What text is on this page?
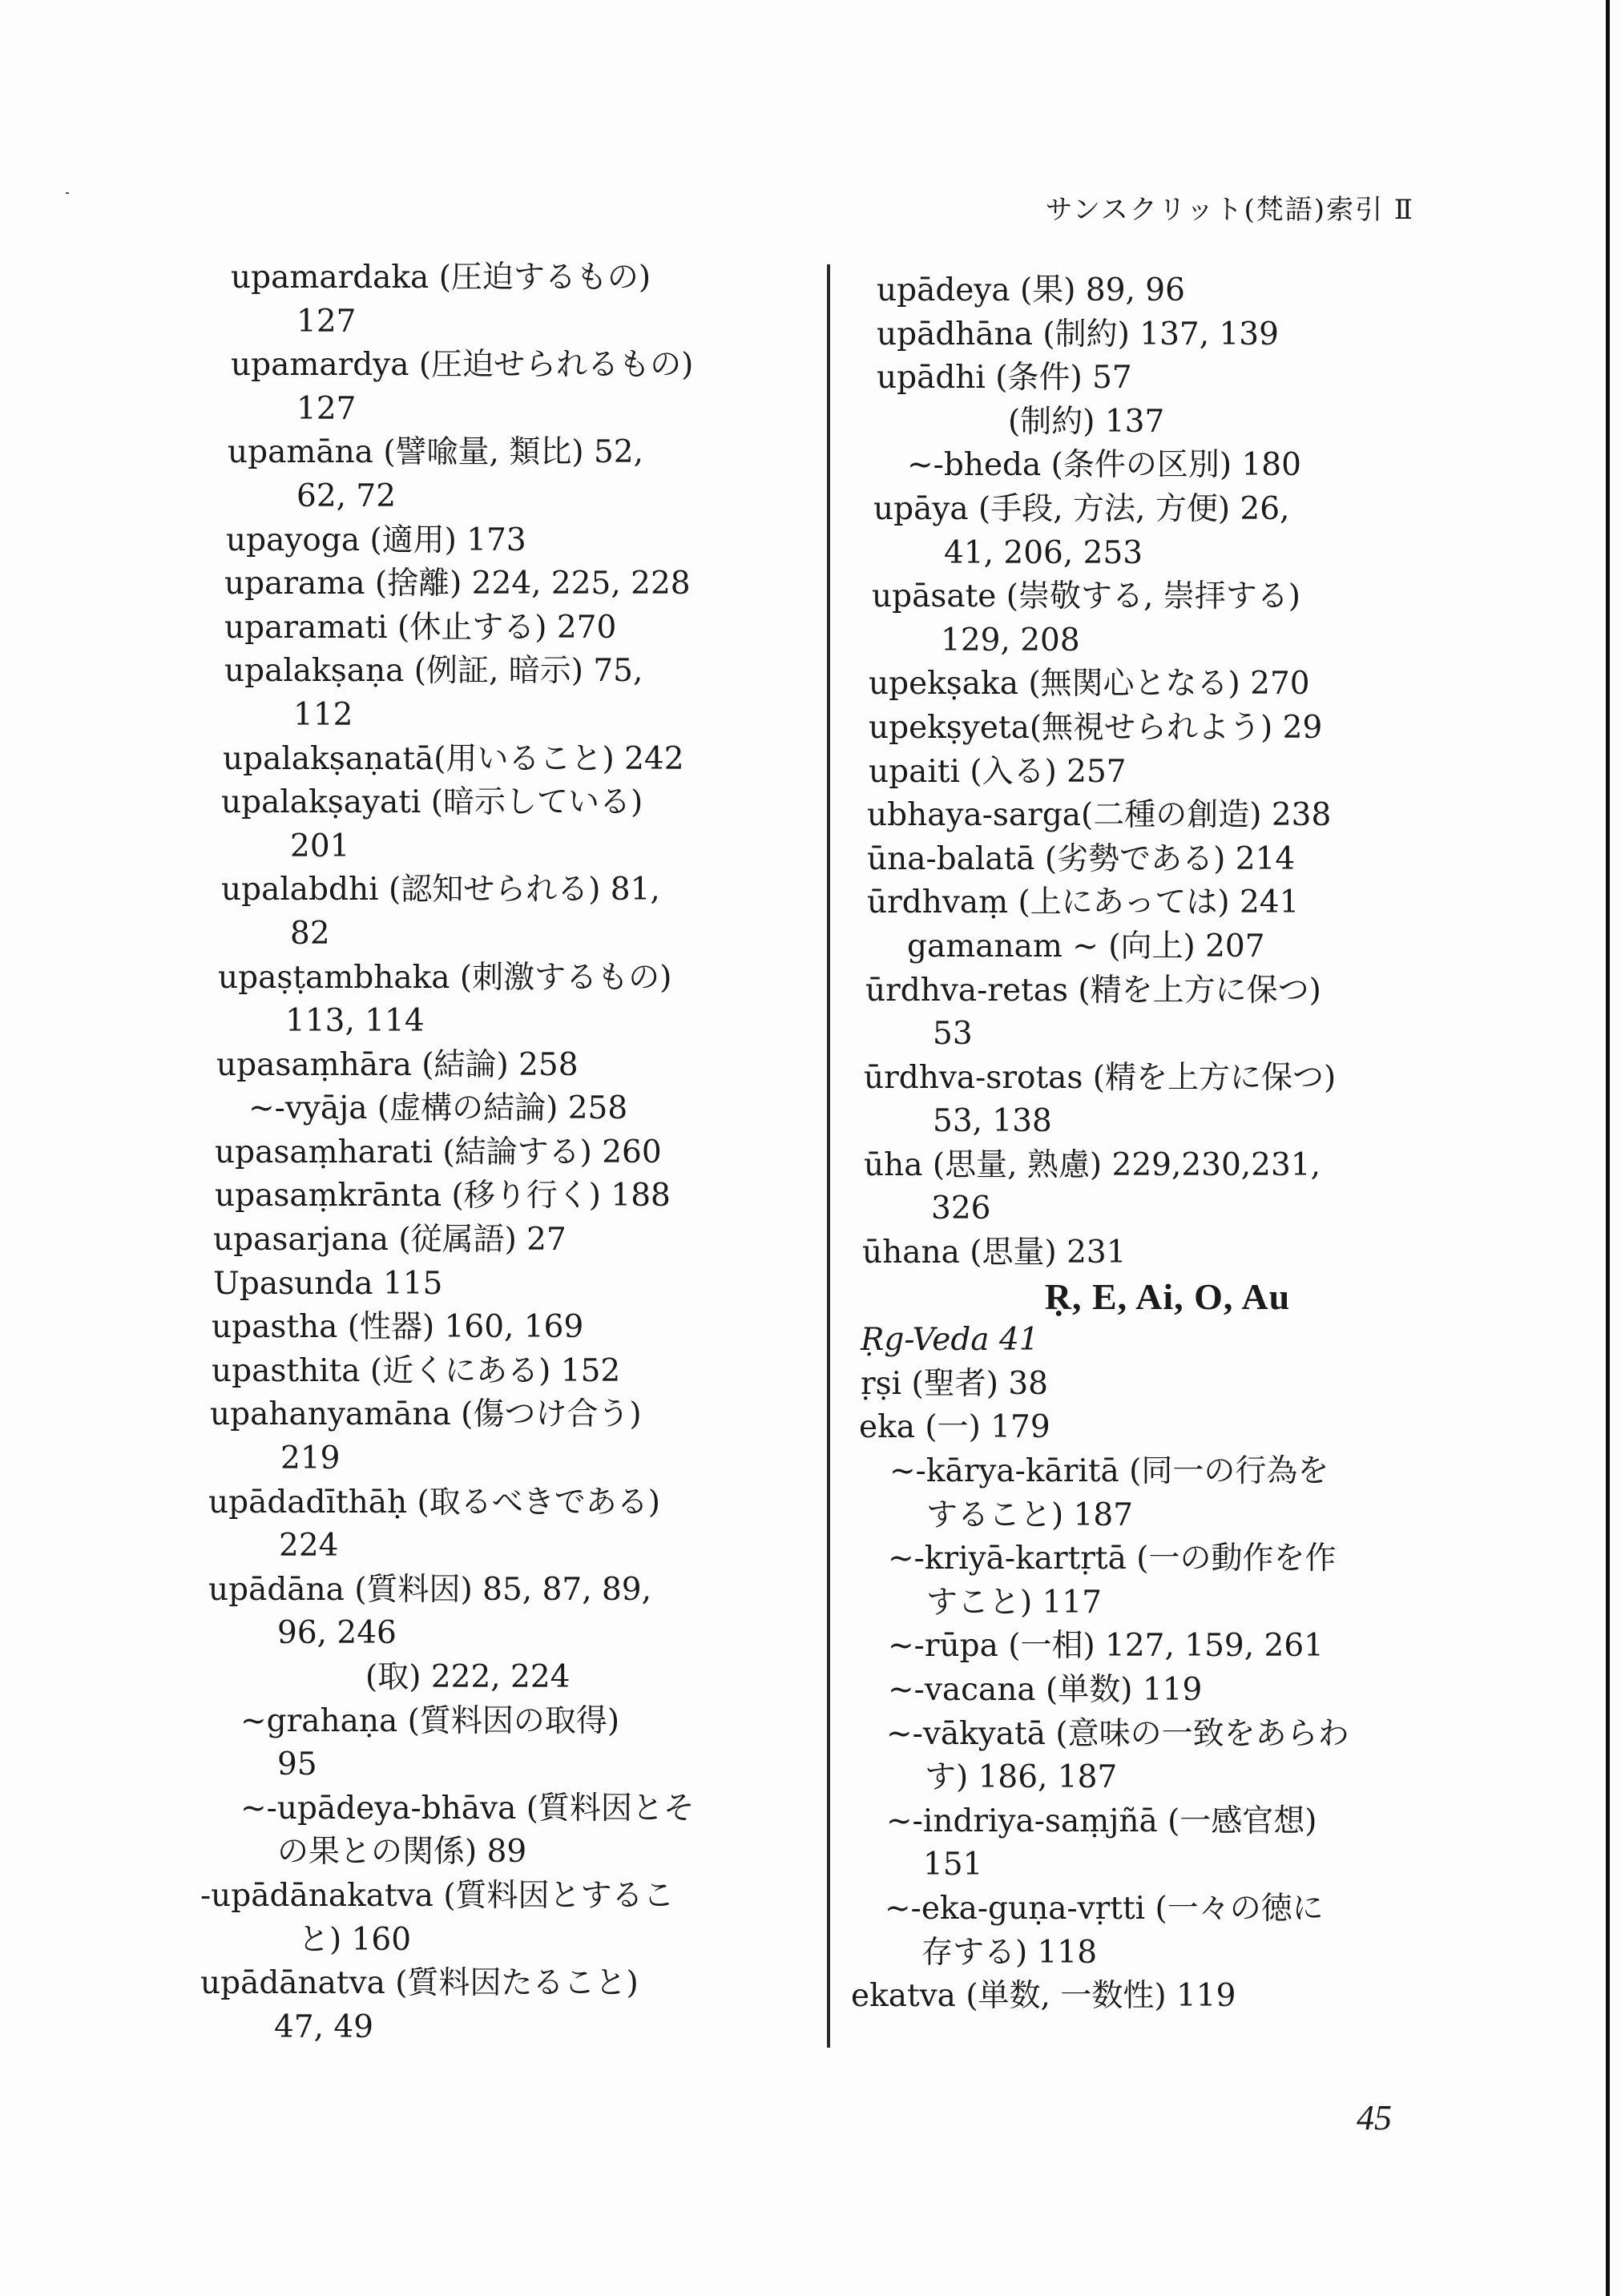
サンスクリット(梵語)索引 Ⅱ
upamardaka (圧迫するもの)
127
upamardya (圧迫せられるもの)
127
upamāna (譬喩量, 類比) 52,
62, 72
upayoga (適用) 173
uparama (捨離) 224, 225, 228
uparamati (休止する) 270
upalakṣaṇa (例証, 暗示) 75,
112
upalakṣaṇatā(用いること) 242
upalakṣayati (暗示している)
201
upalabdhi (認知せられる) 81,
82
upaṣṭambhaka (刺激するもの)
113, 114
upasaṃhāra (結論) 258
~-vyāja (虚構の結論) 258
upasaṃharati (結論する) 260
upasaṃkrānta (移り行く) 188
upasarjana (従属語) 27
Upasunda 115
upastha (性器) 160, 169
upasthita (近くにある) 152
upahanyamāna (傷つけ合う)
219
upādadīthāḥ (取るべきである)
224
upādāna (質料因) 85, 87, 89,
96, 246
(取) 222, 224
~grahaṇa (質料因の取得)
95
~-upādeya-bhāva (質料因とそ
の果との関係) 89
-upādānakatva (質料因とするこ
と) 160
upādānatva (質料因たること)
47, 49
upādeya (果) 89, 96
upādhāna (制約) 137, 139
upādhi (条件) 57
(制約) 137
~-bheda (条件の区別) 180
upāya (手段, 方法, 方便) 26,
41, 206, 253
upāsate (崇敬する, 崇拝する)
129, 208
upekṣaka (無関心となる) 270
upekṣyeta(無視せられよう) 29
upaiti (入る) 257
ubhaya-sarga(二種の創造) 238
ūna-balatā (劣勢である) 214
ūrdhvaṃ (上にあっては) 241
gamanam ~ (向上) 207
ūrdhva-retas (精を上方に保つ)
53
ūrdhva-srotas (精を上方に保つ)
53, 138
ūha (思量, 熟慮) 229,230,231,
326
ūhana (思量) 231
Ṛ, E, Ai, O, Au
Ṛg-Veda 41
ṛṣi (聖者) 38
eka (一) 179
~-kārya-kāritā (同一の行為を
すること) 187
~-kriyā-kartṛtā (一の動作を作
すこと) 117
~-rūpa (一相) 127, 159, 261
~-vacana (単数) 119
~-vākyatā (意味の一致をあらわ
す) 186, 187
~-indriya-saṃjñā (一感官想)
151
~-eka-guṇa-vṛtti (一々の徳に
存する) 118
ekatva (単数, 一数性) 119
45
